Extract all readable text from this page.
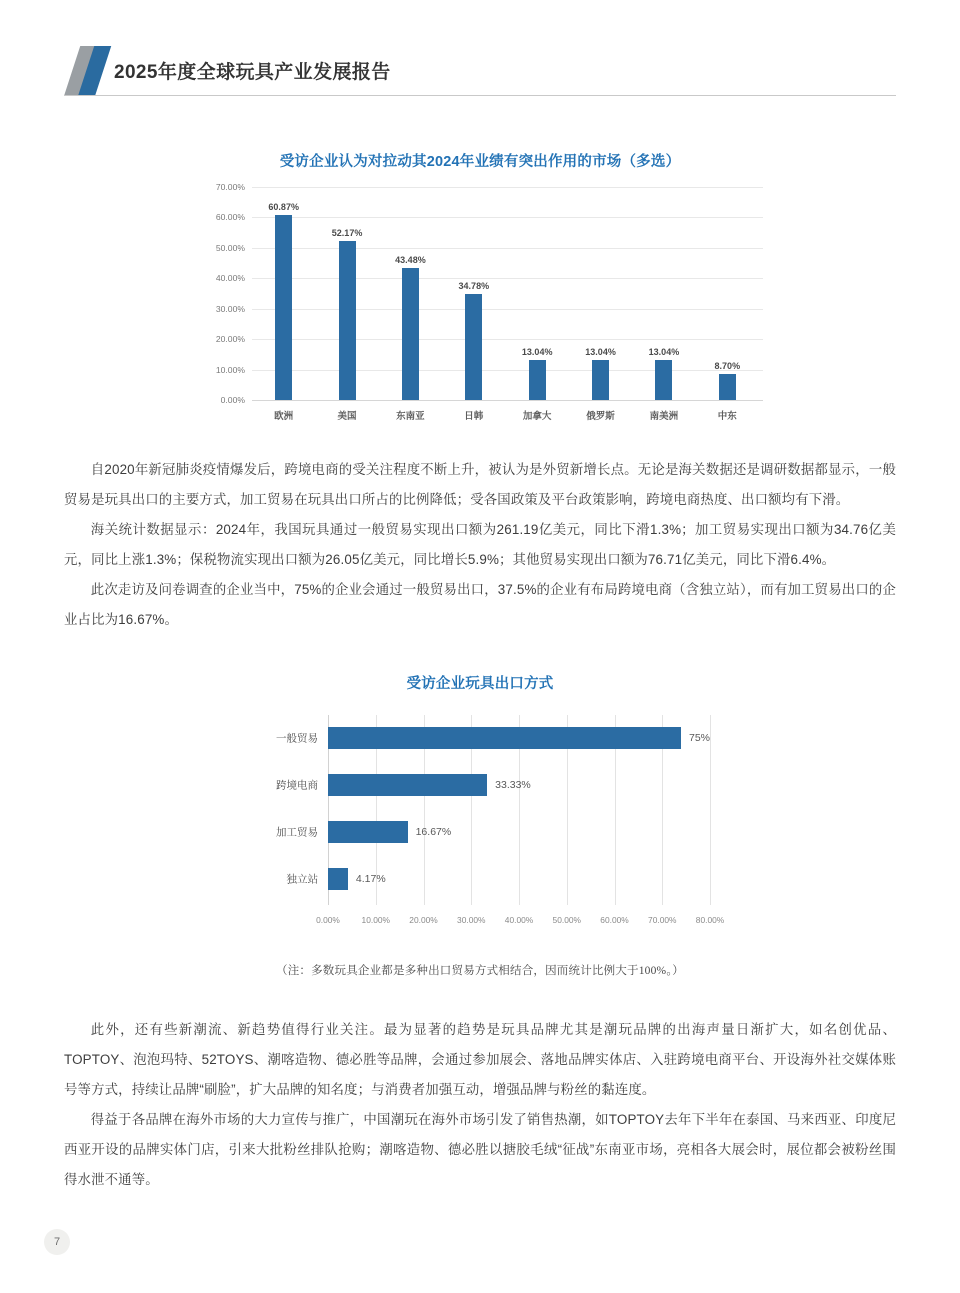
2025年度全球玩具产业发展报告
受访企业认为对拉动其2024年业绩有突出作用的市场（多选）
70.00%
60.00%
50.00%
40.00%
30.00%
20.00%
10.00%
0.00%
60.87%
52.17%
43.48%
34.78%
13.04%	13.04%	13.04%
8.70%
欧洲	美国	东南亚	日韩	加拿大	俄罗斯	南美洲	中东

自2020年新冠肺炎疫情爆发后，跨境电商的受关注程度不断上升，被认为是外贸新增长点。无论是海关数据还是调研数据都显示，一般贸易是玩具出口的主要方式，加工贸易在玩具出口所占的比例降低；受各国政策及平台政策影响，跨境电商热度、出口额均有下滑。

海关统计数据显示：2024年，我国玩具通过一般贸易实现出口额为261.19亿美元，同比下滑1.3%；加工贸易实现出口额为34.76亿美元，同比上涨1.3%；保税物流实现出口额为26.05亿美元，同比增长5.9%；其他贸易实现出口额为76.71亿美元，同比下滑6.4%。

此次走访及问卷调查的企业当中，75%的企业会通过一般贸易出口，37.5%的企业有布局跨境电商（含独立站），而有加工贸易出口的企业占比为16.67%。

受访企业玩具出口方式
75%
一般贸易
33.33%
跨境电商
16.67%
加工贸易
4.17%
独立站
0.00%	10.00% 20.00% 30.00% 40.00% 50.00% 60.00% 70.00% 80.00%
（注：多数玩具企业都是多种出口贸易方式相结合，因而统计比例大于100%。）

此外，还有些新潮流、新趋势值得行业关注。最为显著的趋势是玩具品牌尤其是潮玩品牌的出海声量日渐扩大，如名创优品、TOPTOY、泡泡玛特、52TOYS、潮喀造物、德必胜等品牌，会通过参加展会、落地品牌实体店、入驻跨境电商平台、开设海外社交媒体账号等方式，持续让品牌“刷脸”，扩大品牌的知名度；与消费者加强互动，增强品牌与粉丝的黏连度。

得益于各品牌在海外市场的大力宣传与推广，中国潮玩在海外市场引发了销售热潮，如TOPTOY去年下半年在泰国、马来西亚、印度尼西亚开设的品牌实体门店，引来大批粉丝排队抢购；潮喀造物、德必胜以搪胶毛绒“征战”东南亚市场，亮相各大展会时，展位都会被粉丝围得水泄不通等。

7
